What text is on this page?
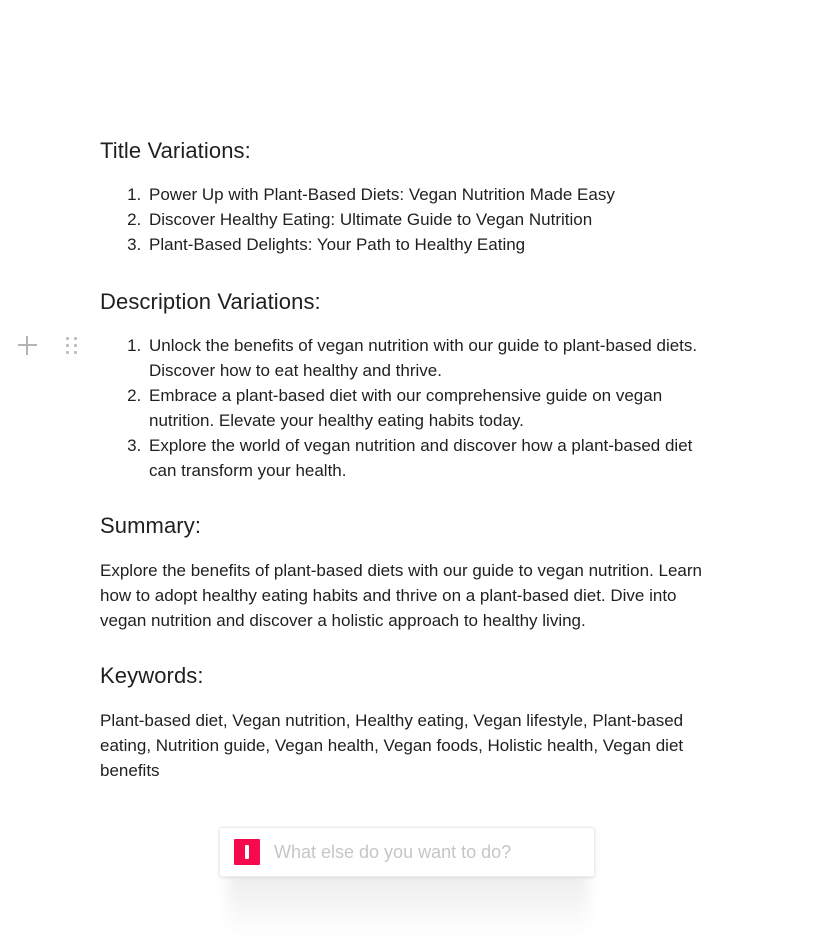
Title Variations:
1. Power Up with Plant-Based Diets: Vegan Nutrition Made Easy
2. Discover Healthy Eating: Ultimate Guide to Vegan Nutrition
3. Plant-Based Delights: Your Path to Healthy Eating
Description Variations:
1. Unlock the benefits of vegan nutrition with our guide to plant-based diets. Discover how to eat healthy and thrive.
2. Embrace a plant-based diet with our comprehensive guide on vegan nutrition. Elevate your healthy eating habits today.
3. Explore the world of vegan nutrition and discover how a plant-based diet can transform your health.
Summary:

Explore the benefits of plant-based diets with our guide to vegan nutrition. Learn how to adopt healthy eating habits and thrive on a plant-based diet. Dive into vegan nutrition and discover a holistic approach to healthy living.

Keywords:

Plant-based diet, Vegan nutrition, Healthy eating, Vegan lifestyle, Plant-based eating, Nutrition guide, Vegan health, Vegan foods, Holistic health, Vegan diet benefits

What else do you want to do?
